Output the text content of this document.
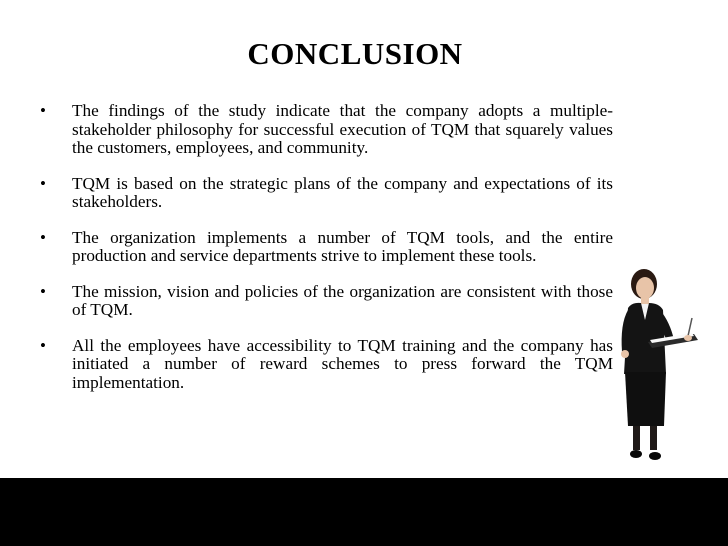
CONCLUSION
• The findings of the study indicate that the company adopts a multiple-stakeholder philosophy for successful execution of TQM that squarely values the customers, employees, and community.
• TQM is based on the strategic plans of the company and expectations of its stakeholders.
• The organization implements a number of TQM tools, and the entire production and service departments strive to implement these tools.
• The mission, vision and policies of the organization are consistent with those of TQM.
• All the employees have accessibility to TQM training and the company has initiated a number of reward schemes to press forward the TQM implementation.
